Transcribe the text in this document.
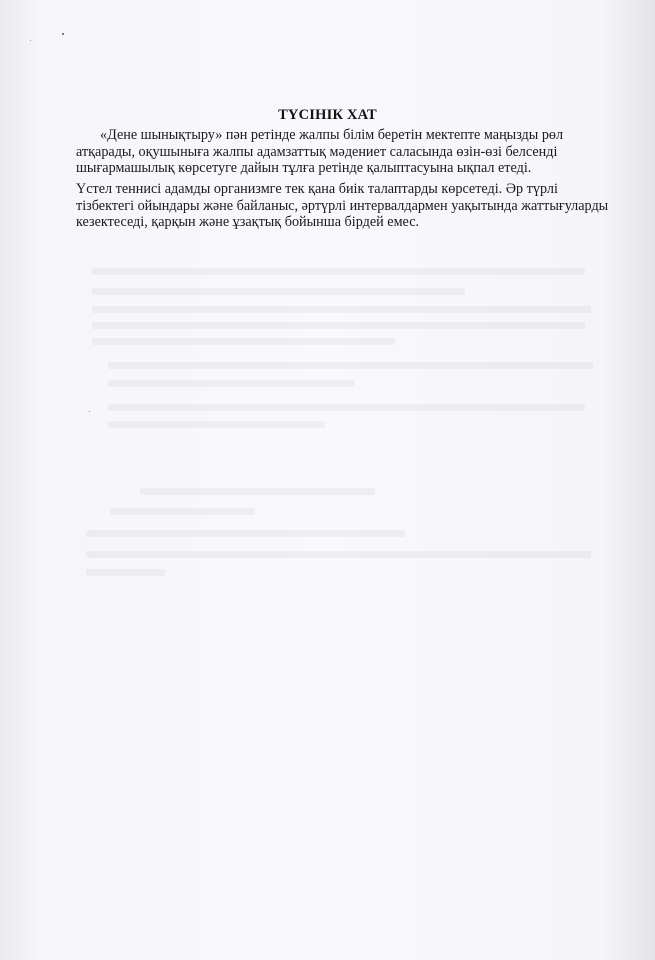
ТҮСІНІК ХАТ

«Дене шынықтыру» пән ретінде жалпы білім беретін мектепте маңызды рөл атқарады, оқушыныға жалпы адамзаттық мәдениет саласында өзін-өзі белсенді шығармашылық көрсетуге дайын тұлға ретінде қалыптасуына ықпал етеді.

Үстел теннисі адамды организмге тек қана биік талаптарды көрсетеді. Әр түрлі тізбектегі ойындары және байланыс, әртүрлі интервалдармен уақытында жаттығуларды кезектеседі, қарқын және ұзақтық бойынша бірдей емес.
